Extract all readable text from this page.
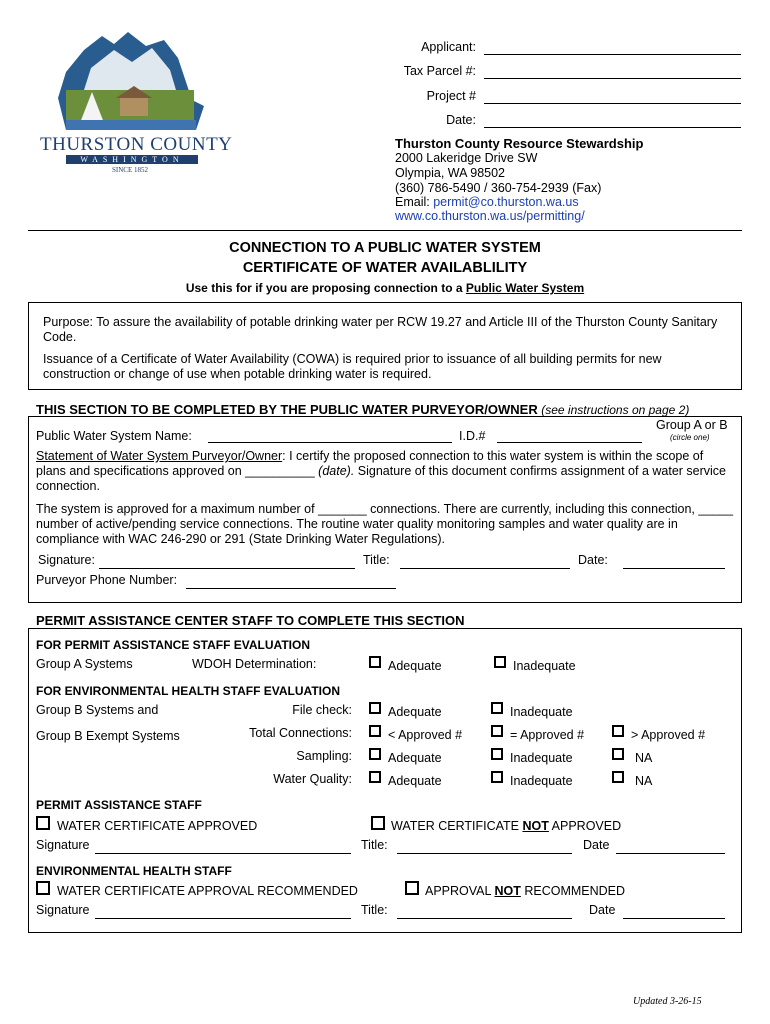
THURSTON COUNTY
WASHINGTON
SINCE 1852
Applicant:
Tax Parcel #:
Project #
Date:
Thurston County Resource Stewardship
2000 Lakeridge Drive SW
Olympia, WA 98502
(360) 786-5490 / 360-754-2939 (Fax)
Email: permit@co.thurston.wa.us
www.co.thurston.wa.us/permitting/
CONNECTION TO A PUBLIC WATER SYSTEM
CERTIFICATE OF WATER AVAILABLILITY
Use this for if you are proposing connection to a Public Water System
Purpose: To assure the availability of potable drinking water per RCW 19.27 and Article III of the Thurston County Sanitary Code.
Issuance of a Certificate of Water Availability (COWA) is required prior to issuance of all building permits for new construction or change of use when potable drinking water is required.
THIS SECTION TO BE COMPLETED BY THE PUBLIC WATER PURVEYOR/OWNER (see instructions on page 2)
Public Water System Name:	I.D.#
Group A or B
(circle one)
Statement of Water System Purveyor/Owner: I certify the proposed connection to this water system is within the scope of plans and specifications approved on __________ (date). Signature of this document confirms assignment of a water service connection.
The system is approved for a maximum number of _______ connections. There are currently, including this connection, _____ number of active/pending service connections. The routine water quality monitoring samples and water quality are in compliance with WAC 246-290 or 291 (State Drinking Water Regulations).
Signature:	Title:	Date:
Purveyor Phone Number:
PERMIT ASSISTANCE CENTER STAFF TO COMPLETE THIS SECTION
FOR PERMIT ASSISTANCE STAFF EVALUATION
Group A Systems	WDOH Determination:	Adequate	Inadequate
FOR ENVIRONMENTAL HEALTH STAFF EVALUATION
Group B Systems and
Group B Exempt Systems
File check:	Adequate	Inadequate
Total Connections:	< Approved #	= Approved #	> Approved #
Sampling:	Adequate	Inadequate	NA
Water Quality:	Adequate	Inadequate	NA
PERMIT ASSISTANCE STAFF
WATER CERTIFICATE APPROVED	WATER CERTIFICATE NOT APPROVED
Signature	Title:	Date
ENVIRONMENTAL HEALTH STAFF
WATER CERTIFICATE APPROVAL RECOMMENDED	APPROVAL NOT RECOMMENDED
Signature	Title:	Date
Updated 3-26-15
